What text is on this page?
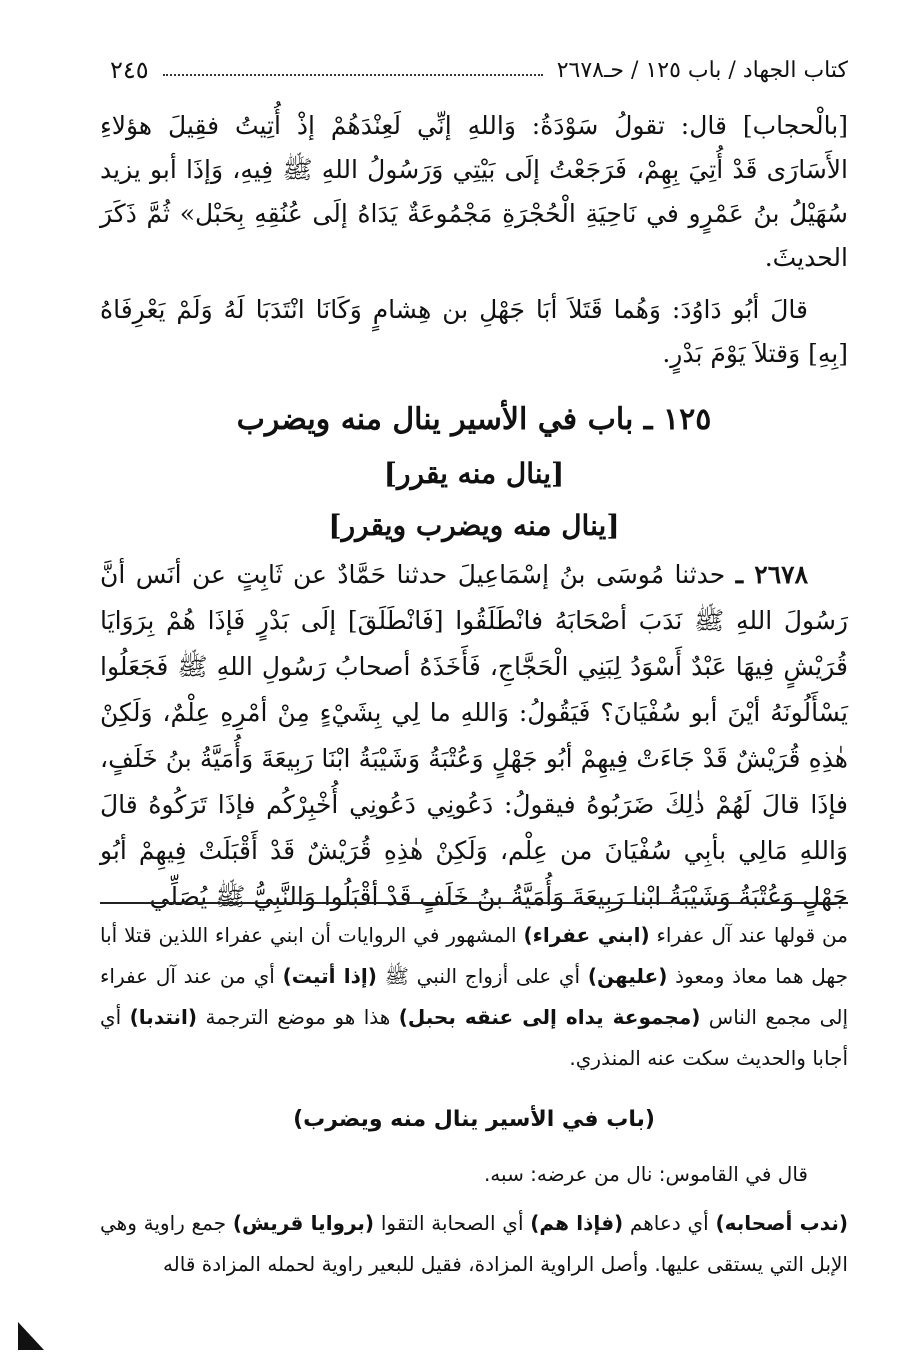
كتاب الجهاد / باب ١٢٥ / حـ٢٦٧٨
٢٤٥

[بالْحجاب] قال: تقولُ سَوْدَةُ: وَاللهِ إنِّي لَعِنْدَهُمْ إذْ أُتِيتُ فقِيلَ هؤلاءِ الأَسَارَى قَدْ أُتِيَ بِهِمْ، فَرَجَعْتُ إلَى بَيْتِي وَرَسُولُ اللهِ ﷺ فِيهِ، وَإذَا أبو يزيد سُهَيْلُ بنُ عَمْرٍو في نَاحِيَةِ الْحُجْرَةِ مَجْمُوعَةٌ يَدَاهُ إلَى عُنُقِهِ بِحَبْل» ثُمَّ ذَكَرَ الحديثَ.

قالَ أبُو دَاوُدَ: وَهُما قَتَلاَ أبَا جَهْلِ بن هِشامٍ وَكَانَا انْتَدَبَا لَهُ وَلَمْ يَعْرِفَاهُ [بِهِ] وَقتلاَ يَوْمَ بَدْرٍ.

١٢٥ ـ باب في الأسير ينال منه ويضرب

[ينال منه يقرر]

[ينال منه ويضرب ويقرر]

٢٦٧٨ ـ حدثنا مُوسَى بنُ إسْمَاعِيلَ حدثنا حَمَّادٌ عن ثَابِتٍ عن أنَس أنَّ رَسُولَ اللهِ ﷺ نَدَبَ أصْحَابَهُ فانْطَلَقُوا [فَانْطَلَقَ] إلَى بَدْرٍ فَإذَا هُمْ بِرَوَايَا قُرَيْشٍ فِيهَا عَبْدٌ أَسْوَدُ لِبَنِي الْحَجَّاجِ، فَأَخَذَهُ أصحابُ رَسُولِ اللهِ ﷺ فَجَعَلُوا يَسْأَلُونَهُ أيْنَ أبو سُفْيَانَ؟ فَيَقُولُ: وَاللهِ ما لِي بِشَيْءٍ مِنْ أمْرِهِ عِلْمٌ، وَلَكِنْ هٰذِهِ قُرَيْشٌ قَدْ جَاءَتْ فِيهِمْ أبُو جَهْلٍ وَعُتْبَةُ وَشَيْبَةُ ابْنَا رَبِيعَةَ وَأُمَيَّةُ بنُ خَلَفٍ، فإذَا قالَ لَهُمْ ذٰلِكَ ضَرَبُوهُ فيقولُ: دَعُونِي دَعُونِي أُخْبِرْكُم فإذَا تَرَكُوهُ قالَ وَاللهِ مَالِي بأبِي سُفْيَانَ من عِلْم، وَلَكِنْ هٰذِهِ قُرَيْشٌ قَدْ أَقْبَلَتْ فِيهِمْ أبُو جَهْلٍ وَعُتْبَةُ وَشَيْبَةُ ابْنا رَبِيعَةَ وَأُمَيَّةُ بنُ خَلَفٍ قَدْ أقْبَلُوا وَالنَّبِيُّ ﷺ يُصَلِّي

من قولها عند آل عفراء (ابني عفراء) المشهور في الروايات أن ابني عفراء اللذين قتلا أبا جهل هما معاذ ومعوذ (عليهن) أي على أزواج النبي ﷺ (إذا أتيت) أي من عند آل عفراء إلى مجمع الناس (مجموعة يداه إلى عنقه بحبل) هذا هو موضع الترجمة (انتدبا) أي أجابا والحديث سكت عنه المنذري.

(باب في الأسير ينال منه ويضرب)

قال في القاموس: نال من عرضه: سبه.

(ندب أصحابه) أي دعاهم (فإذا هم) أي الصحابة التقوا (بروايا قريش) جمع راوية وهي الإبل التي يستقى عليها. وأصل الراوية المزادة، فقيل للبعير راوية لحمله المزادة قاله
